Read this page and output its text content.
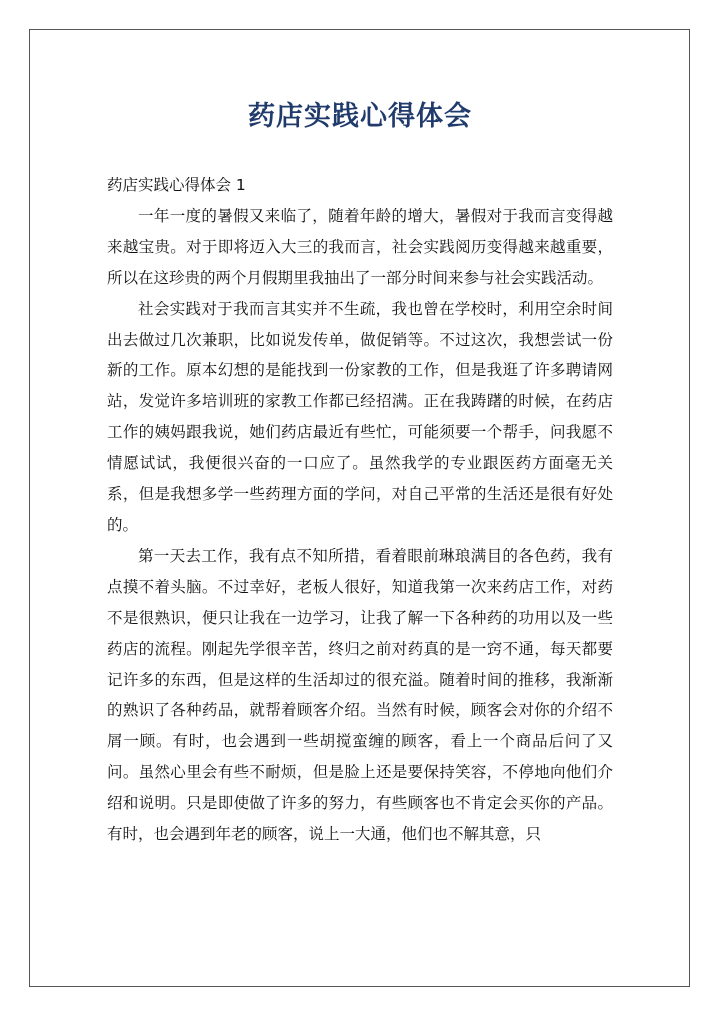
药店实践心得体会

药店实践心得体会 1

一年一度的暑假又来临了，随着年龄的增大，暑假对于我而言变得越来越宝贵。对于即将迈入大三的我而言，社会实践阅历变得越来越重要，所以在这珍贵的两个月假期里我抽出了一部分时间来参与社会实践活动。

社会实践对于我而言其实并不生疏，我也曾在学校时，利用空余时间出去做过几次兼职，比如说发传单，做促销等。不过这次，我想尝试一份新的工作。原本幻想的是能找到一份家教的工作，但是我逛了许多聘请网站，发觉许多培训班的家教工作都已经招满。正在我踌躇的时候，在药店工作的姨妈跟我说，她们药店最近有些忙，可能须要一个帮手，问我愿不情愿试试，我便很兴奋的一口应了。虽然我学的专业跟医药方面毫无关系，但是我想多学一些药理方面的学问，对自己平常的生活还是很有好处的。

第一天去工作，我有点不知所措，看着眼前琳琅满目的各色药，我有点摸不着头脑。不过幸好，老板人很好，知道我第一次来药店工作，对药不是很熟识，便只让我在一边学习，让我了解一下各种药的功用以及一些药店的流程。刚起先学很辛苦，终归之前对药真的是一窍不通，每天都要记许多的东西，但是这样的生活却过的很充溢。随着时间的推移，我渐渐的熟识了各种药品，就帮着顾客介绍。当然有时候，顾客会对你的介绍不屑一顾。有时，也会遇到一些胡搅蛮缠的顾客，看上一个商品后问了又问。虽然心里会有些不耐烦，但是脸上还是要保持笑容，不停地向他们介绍和说明。只是即使做了许多的努力，有些顾客也不肯定会买你的产品。有时，也会遇到年老的顾客，说上一大通，他们也不解其意，只
